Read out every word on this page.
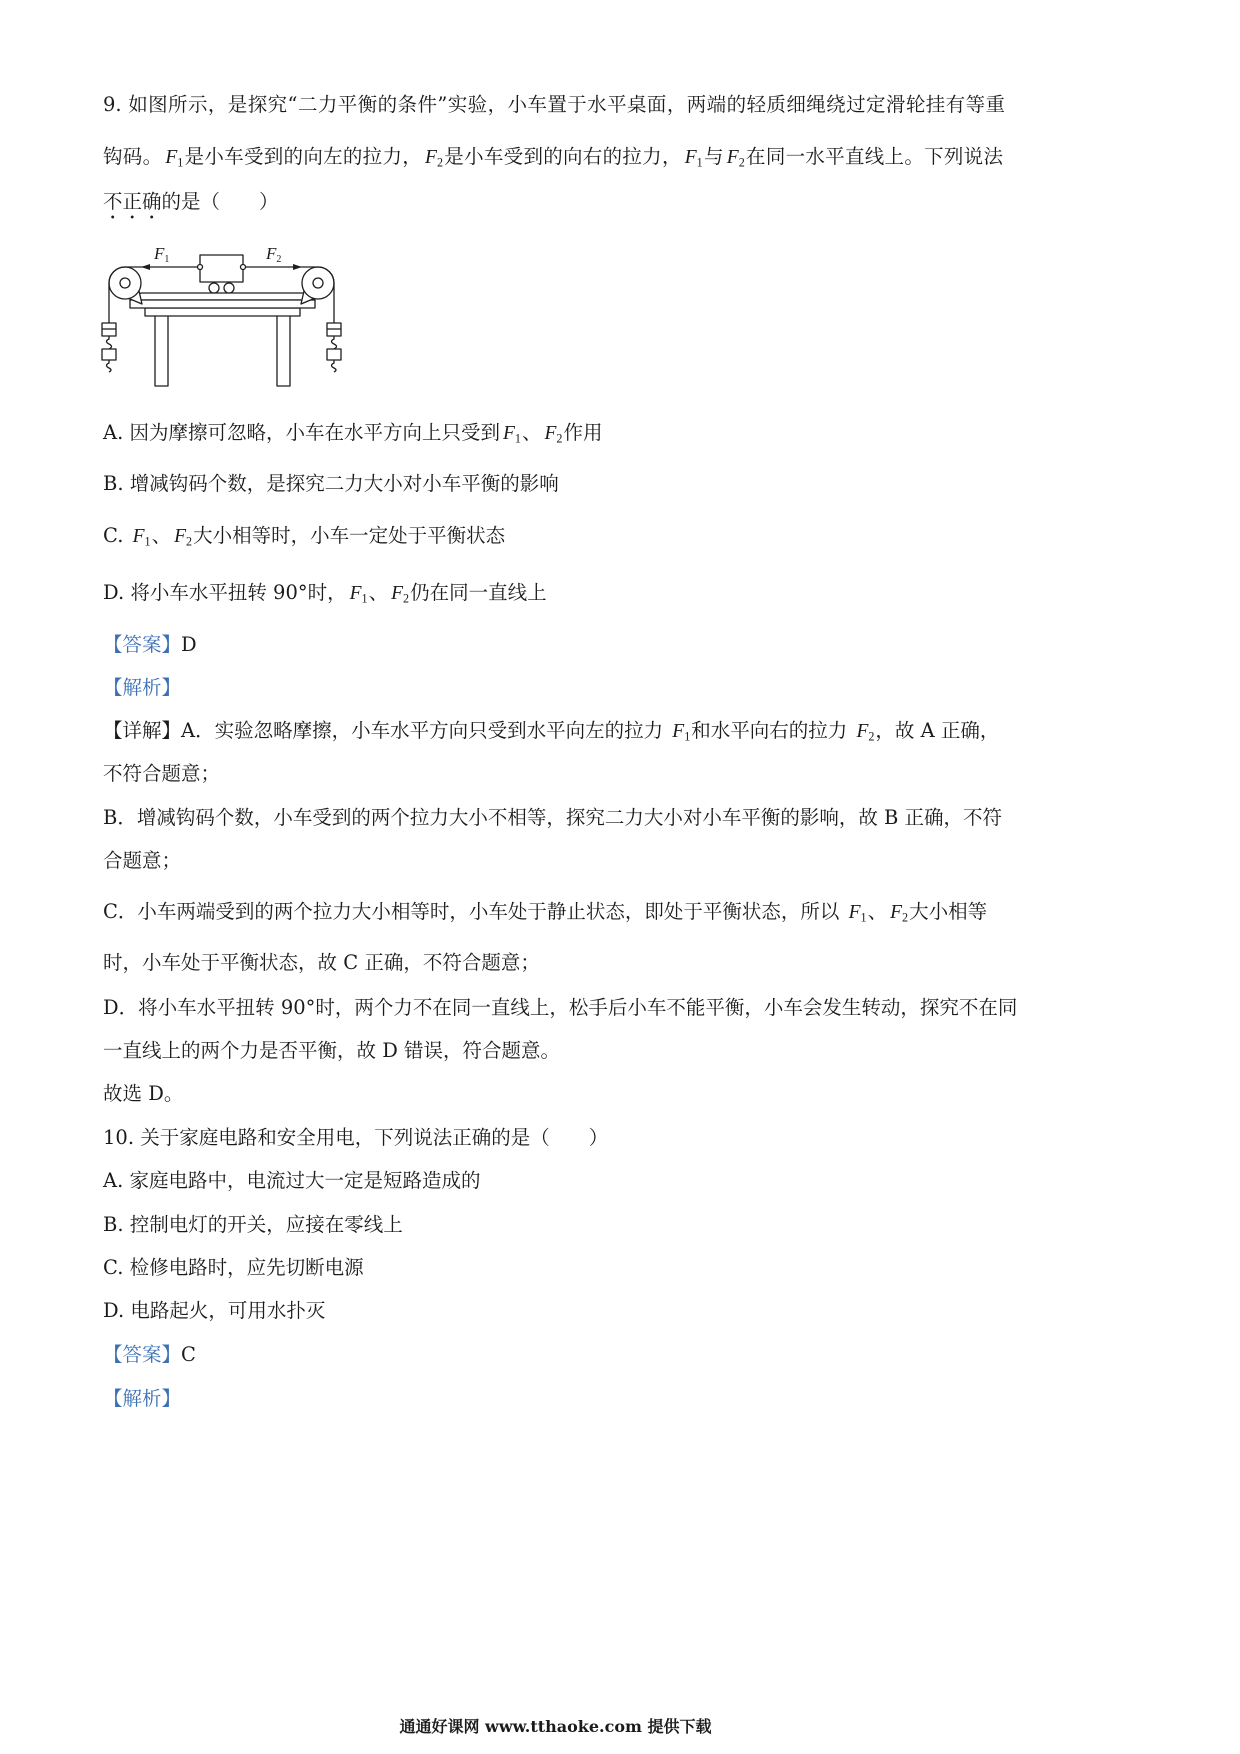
9. 如图所示，是探究“二力平衡的条件”实验，小车置于水平桌面，两端的轻质细绳绕过定滑轮挂有等重
钩码。 $F_1$是小车受到的向左的拉力， $F_2$是小车受到的向右的拉力， $F_1$与 $F_2$在同一水平直线上。下列说法
不正确的是（　　）
F1	F2
A. 因为摩擦可忽略，小车在水平方向上只受到 $F_1$、 $F_2$作用
B. 增减钩码个数，是探究二力大小对小车平衡的影响
C. $F_1$、 $F_2$大小相等时，小车一定处于平衡状态
D. 将小车水平扭转 90°时， $F_1$、 $F_2$仍在同一直线上
【答案】D
【解析】
【详解】A．实验忽略摩擦，小车水平方向只受到水平向左的拉力 $F_1$和水平向右的拉力 $F_2$，故 A 正确，
不符合题意；
B．增减钩码个数，小车受到的两个拉力大小不相等，探究二力大小对小车平衡的影响，故 B 正确，不符
合题意；
C．小车两端受到的两个拉力大小相等时，小车处于静止状态，即处于平衡状态，所以 $F_1$、 $F_2$大小相等
时，小车处于平衡状态，故 C 正确，不符合题意；
D．将小车水平扭转 90°时，两个力不在同一直线上，松手后小车不能平衡，小车会发生转动，探究不在同
一直线上的两个力是否平衡，故 D 错误，符合题意。
故选 D。
10. 关于家庭电路和安全用电，下列说法正确的是（　　）
A. 家庭电路中，电流过大一定是短路造成的
B. 控制电灯的开关，应接在零线上
C. 检修电路时，应先切断电源
D. 电路起火，可用水扑灭
【答案】C
【解析】
通通好课网 www.tthaoke.com 提供下载
